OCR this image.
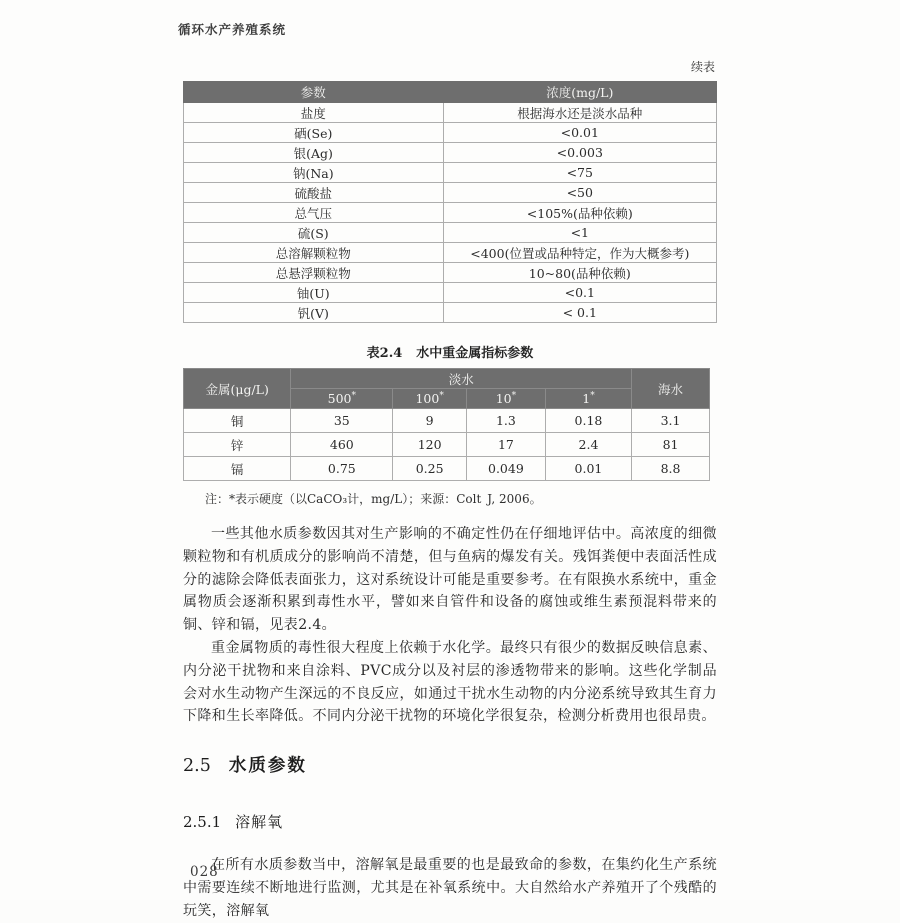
循环水产养殖系统
续表
参数	浓度(mg/L)
盐度	根据海水还是淡水品种
硒(Se)	<0.01
银(Ag)	<0.003
钠(Na)	<75
硫酸盐	<50
总气压	<105%(品种依赖)
硫(S)	<1
总溶解颗粒物	<400(位置或品种特定，作为大概参考)
总悬浮颗粒物	10~80(品种依赖)
铀(U)	<0.1
钒(V)	< 0.1
表2.4 水中重金属指标参数
金属(μg/L)	淡水				海水
	500*	100*	10*	1*
铜	35	9	1.3	0.18	3.1
锌	460	120	17	2.4	81
镉	0.75	0.25	0.049	0.01	8.8
注：*表示硬度（以CaCO₃计，mg/L）；来源：Colt J, 2006。

一些其他水质参数因其对生产影响的不确定性仍在仔细地评估中。高浓度的细微颗粒物和有机质成分的影响尚不清楚，但与鱼病的爆发有关。残饵粪便中表面活性成分的滤除会降低表面张力，这对系统设计可能是重要参考。在有限换水系统中，重金属物质会逐渐积累到毒性水平，譬如来自管件和设备的腐蚀或维生素预混料带来的铜、锌和镉，见表2.4。

重金属物质的毒性很大程度上依赖于水化学。最终只有很少的数据反映信息素、内分泌干扰物和来自涂料、PVC成分以及衬层的渗透物带来的影响。这些化学制品会对水生动物产生深远的不良反应，如通过干扰水生动物的内分泌系统导致其生育力下降和生长率降低。不同内分泌干扰物的环境化学很复杂，检测分析费用也很昂贵。

2.5 水质参数
2.5.1 溶解氧

在所有水质参数当中，溶解氧是最重要的也是最致命的参数，在集约化生产系统中需要连续不断地进行监测，尤其是在补氧系统中。大自然给水产养殖开了个残酷的玩笑，溶解氧

028
